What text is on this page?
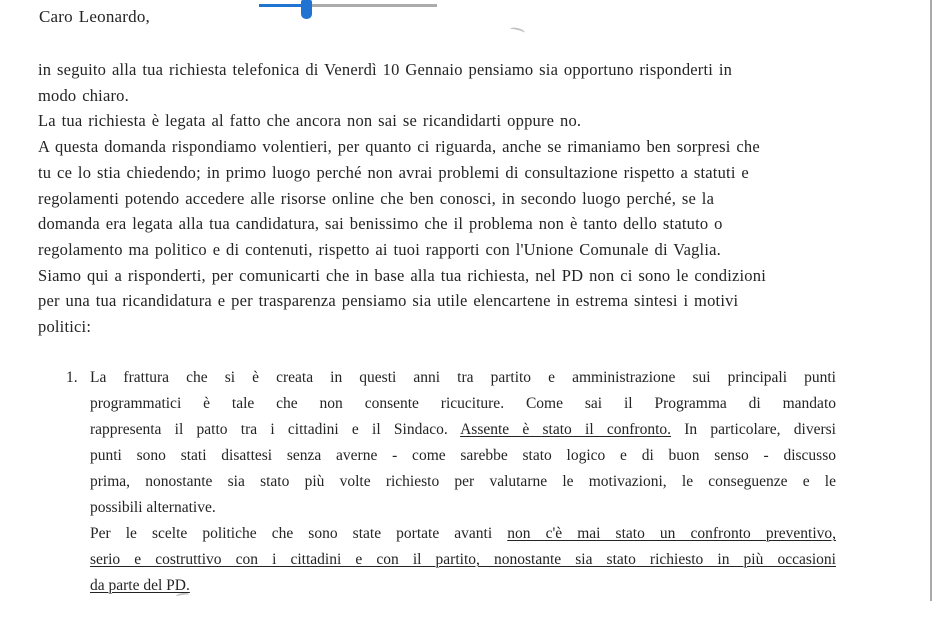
Caro Leonardo,
in seguito alla tua richiesta telefonica di Venerdì 10 Gennaio pensiamo sia opportuno risponderti in
modo chiaro.
La tua richiesta è legata al fatto che ancora non sai se ricandidarti oppure no.
A questa domanda rispondiamo volentieri, per quanto ci riguarda, anche se rimaniamo ben sorpresi che
tu ce lo stia chiedendo; in primo luogo perché non avrai problemi di consultazione rispetto a statuti e
regolamenti potendo accedere alle risorse online che ben conosci, in secondo luogo perché, se la
domanda era legata alla tua candidatura, sai benissimo che il problema non è tanto dello statuto o
regolamento ma politico e di contenuti, rispetto ai tuoi rapporti con l'Unione Comunale di Vaglia.
Siamo qui a risponderti, per comunicarti che in base alla tua richiesta, nel PD non ci sono le condizioni
per una tua ricandidatura e per trasparenza pensiamo sia utile elencartene in estrema sintesi i motivi
politici:
1. La frattura che si è creata in questi anni tra partito e amministrazione sui principali punti
programmatici è tale che non consente ricuciture. Come sai il Programma di mandato
rappresenta il patto tra i cittadini e il Sindaco. Assente è stato il confronto. In particolare, diversi
punti sono stati disattesi senza averne - come sarebbe stato logico e di buon senso - discusso
prima, nonostante sia stato più volte richiesto per valutarne le motivazioni, le conseguenze e le
possibili alternative.
Per le scelte politiche che sono state portate avanti non c'è mai stato un confronto preventivo,
serio e costruttivo con i cittadini e con il partito, nonostante sia stato richiesto in più occasioni
da parte del PD.
